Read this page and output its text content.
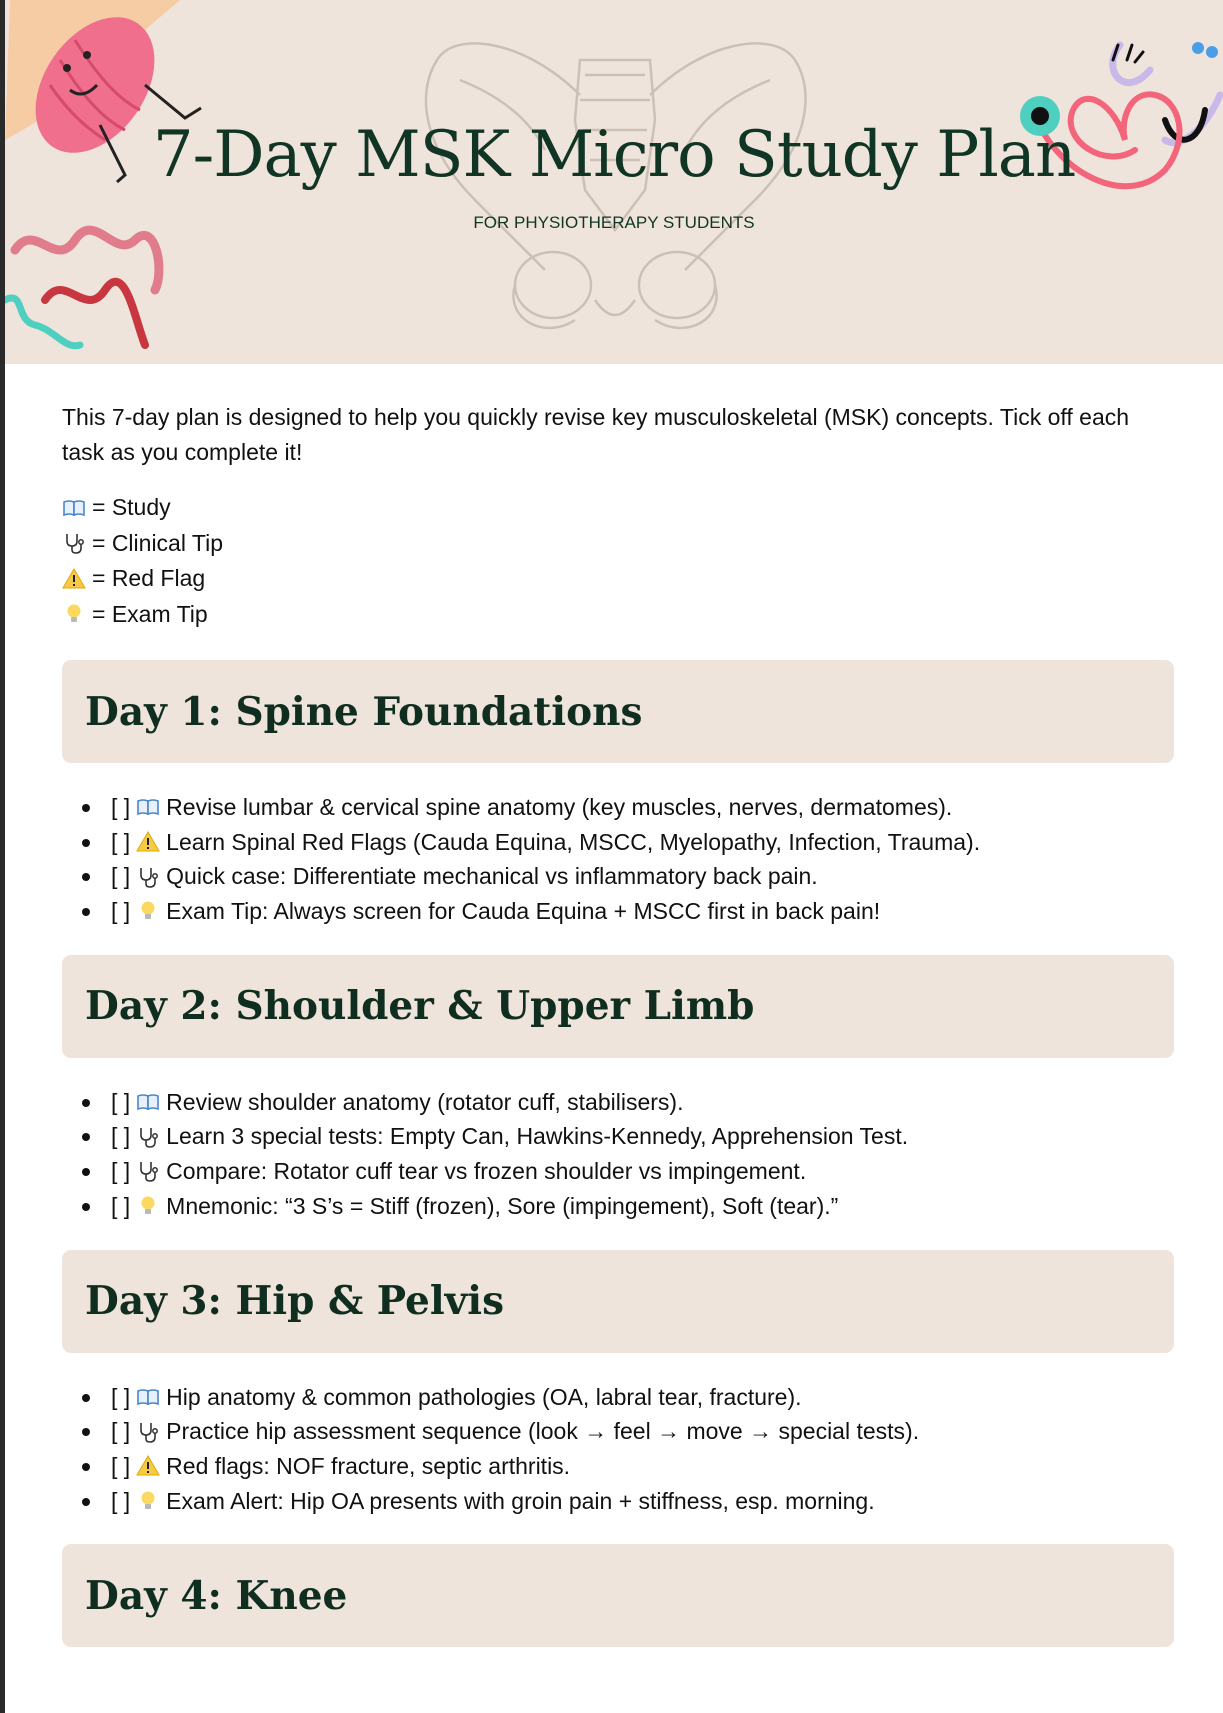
7-Day MSK Micro Study Plan
FOR PHYSIOTHERAPY STUDENTS

This 7-day plan is designed to help you quickly revise key musculoskeletal (MSK) concepts. Tick off each task as you complete it!

= Study
= Clinical Tip
= Red Flag
= Exam Tip
Day 1: Spine Foundations
[ ] Revise lumbar & cervical spine anatomy (key muscles, nerves, dermatomes).
[ ] Learn Spinal Red Flags (Cauda Equina, MSCC, Myelopathy, Infection, Trauma).
[ ] Quick case: Differentiate mechanical vs inflammatory back pain.
[ ] Exam Tip: Always screen for Cauda Equina + MSCC first in back pain!
Day 2: Shoulder & Upper Limb
[ ] Review shoulder anatomy (rotator cuff, stabilisers).
[ ] Learn 3 special tests: Empty Can, Hawkins-Kennedy, Apprehension Test.
[ ] Compare: Rotator cuff tear vs frozen shoulder vs impingement.
[ ] Mnemonic: “3 S’s = Stiff (frozen), Sore (impingement), Soft (tear).”
Day 3: Hip & Pelvis
[ ] Hip anatomy & common pathologies (OA, labral tear, fracture).
[ ] Practice hip assessment sequence (look → feel → move → special tests).
[ ] Red flags: NOF fracture, septic arthritis.
[ ] Exam Alert: Hip OA presents with groin pain + stiffness, esp. morning.
Day 4: Knee
